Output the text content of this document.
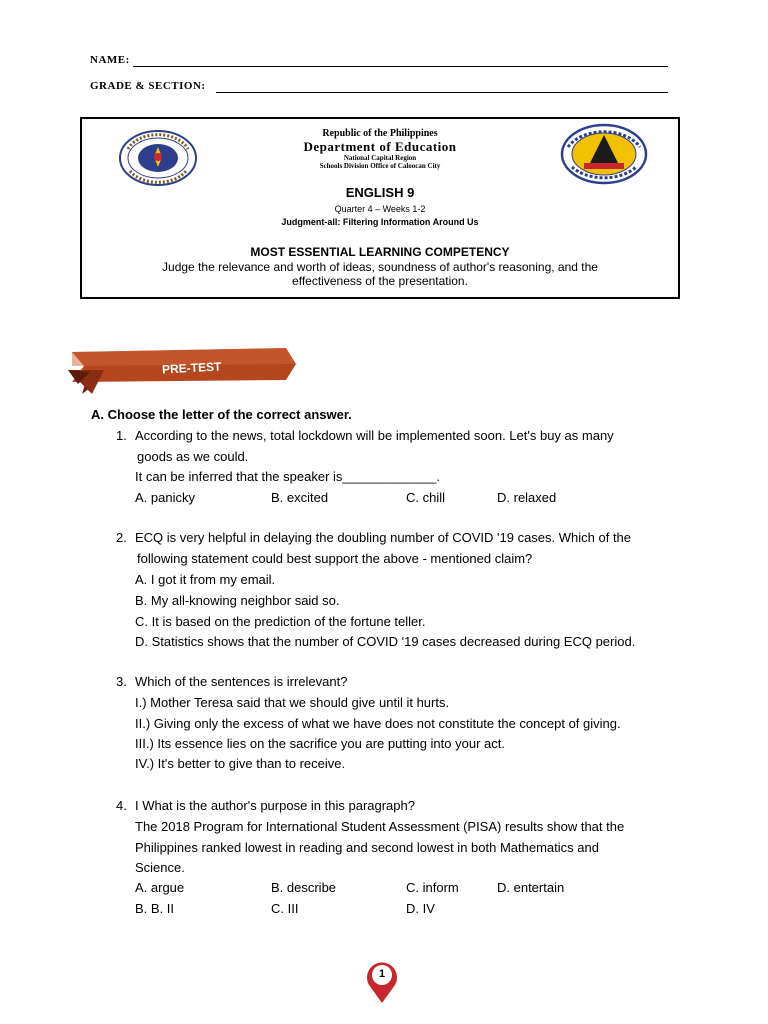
NAME:
GRADE & SECTION:
Republic of the Philippines
Department of Education
National Capital Region
Schools Division Office of Caloocan City
ENGLISH 9
Quarter 4 – Weeks 1-2
Judgment-all: Filtering Information Around Us
MOST ESSENTIAL LEARNING COMPETENCY
Judge the relevance and worth of ideas, soundness of author's reasoning, and the
effectiveness of the presentation.
PRE-TEST
A. Choose the letter of the correct answer.
1. According to the news, total lockdown will be implemented soon. Let's buy as many
goods as we could.
It can be inferred that the speaker is_____________.
A. panicky	B. excited	C. chill	D. relaxed
2. ECQ is very helpful in delaying the doubling number of COVID '19 cases. Which of the
following statement could best support the above - mentioned claim?
A. I got it from my email.
B. My all-knowing neighbor said so.
C. It is based on the prediction of the fortune teller.
D. Statistics shows that the number of COVID '19 cases decreased during ECQ period.
3. Which of the sentences is irrelevant?
I.) Mother Teresa said that we should give until it hurts.
II.) Giving only the excess of what we have does not constitute the concept of giving.
III.) Its essence lies on the sacrifice you are putting into your act.
IV.) It's better to give than to receive.
4. I What is the author's purpose in this paragraph?
The 2018 Program for International Student Assessment (PISA) results show that the
Philippines ranked lowest in reading and second lowest in both Mathematics and
Science.
A. argue	B. describe	C. inform	D. entertain
B. B. II	C. III	D. IV
1
